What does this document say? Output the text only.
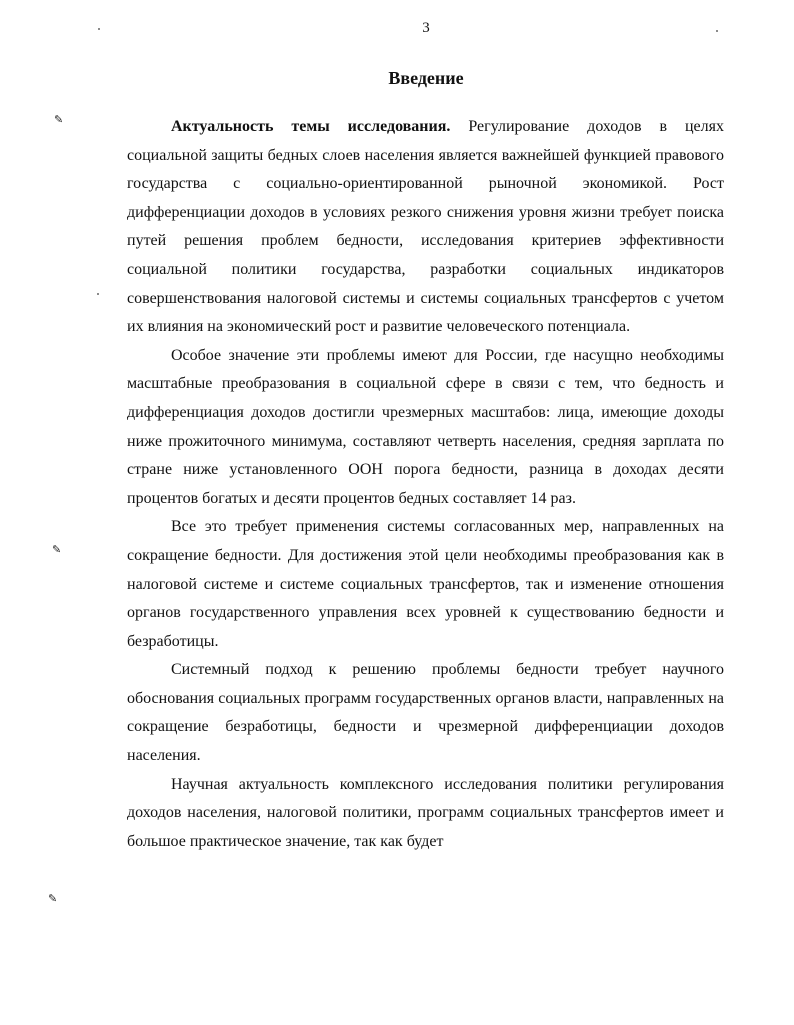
3
Введение
✎
✎
✎

Актуальность темы исследования. Регулирование доходов в целях социальной защиты бедных слоев населения является важнейшей функцией правового государства с социально-ориентированной рыночной экономикой. Рост дифференциации доходов в условиях резкого снижения уровня жизни требует поиска путей решения проблем бедности, исследования критериев эффективности социальной политики государства, разработки социальных индикаторов совершенствования налоговой системы и системы социальных трансфертов с учетом их влияния на экономический рост и развитие человеческого потенциала.

Особое значение эти проблемы имеют для России, где насущно необходимы масштабные преобразования в социальной сфере в связи с тем, что бедность и дифференциация доходов достигли чрезмерных масштабов: лица, имеющие доходы ниже прожиточного минимума, составляют четверть населения, средняя зарплата по стране ниже установленного ООН порога бедности, разница в доходах десяти процентов богатых и десяти процентов бедных составляет 14 раз.

Все это требует применения системы согласованных мер, направленных на сокращение бедности. Для достижения этой цели необходимы преобразования как в налоговой системе и системе социальных трансфертов, так и изменение отношения органов государственного управления всех уровней к существованию бедности и безработицы.

Системный подход к решению проблемы бедности требует научного обоснования социальных программ государственных органов власти, направленных на сокращение безработицы, бедности и чрезмерной дифференциации доходов населения.

Научная актуальность комплексного исследования политики регулирования доходов населения, налоговой политики, программ социальных трансфертов имеет и большое практическое значение, так как будет
